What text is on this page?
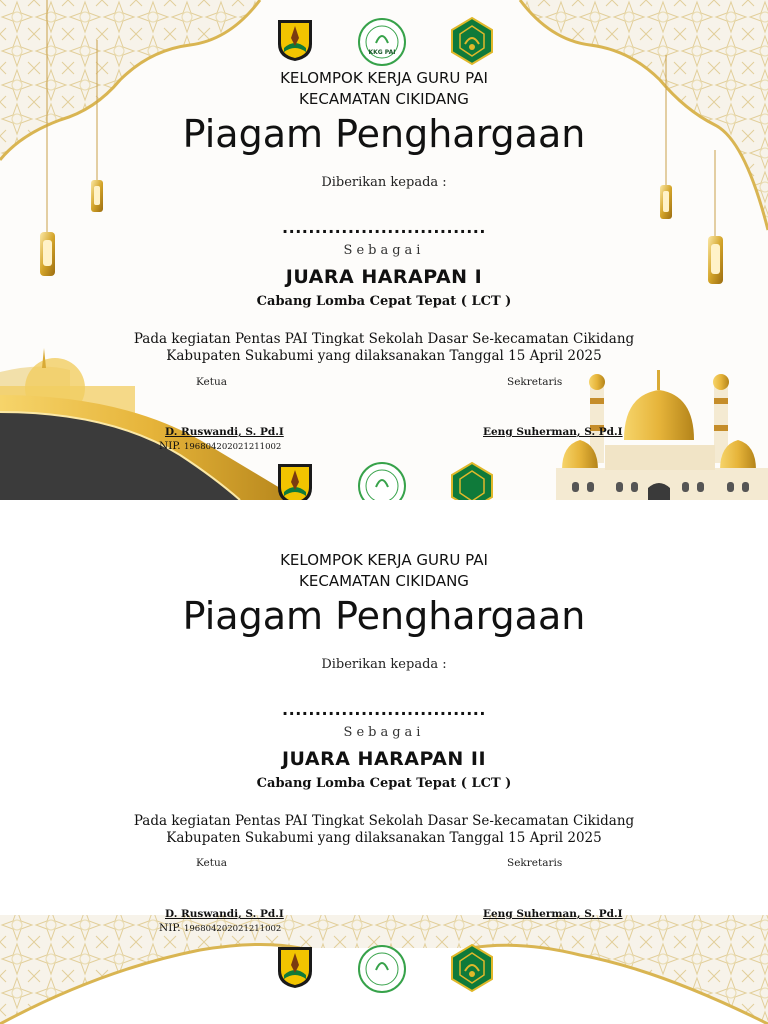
KKG PAI
KELOMPOK KERJA GURU PAI
KECAMATAN CIKIDANG
Piagam Penghargaan
Diberikan kepada :
...............................
Sebagai
JUARA HARAPAN I
Cabang Lomba Cepat Tepat ( LCT )
Pada kegiatan Pentas PAI Tingkat Sekolah Dasar Se-kecamatan Cikidang
Kabupaten Sukabumi yang dilaksanakan Tanggal 15 April 2025
Ketua	Sekretaris
D. Ruswandi, S. Pd.I
NIP. 196804202021211002
Eeng Suherman, S. Pd.I
KELOMPOK KERJA GURU PAI
KECAMATAN CIKIDANG
Piagam Penghargaan
Diberikan kepada :
...............................
Sebagai
JUARA HARAPAN II
Cabang Lomba Cepat Tepat ( LCT )
Pada kegiatan Pentas PAI Tingkat Sekolah Dasar Se-kecamatan Cikidang
Kabupaten Sukabumi yang dilaksanakan Tanggal 15 April 2025
Ketua	Sekretaris
D. Ruswandi, S. Pd.I
NIP. 196804202021211002
Eeng Suherman, S. Pd.I
